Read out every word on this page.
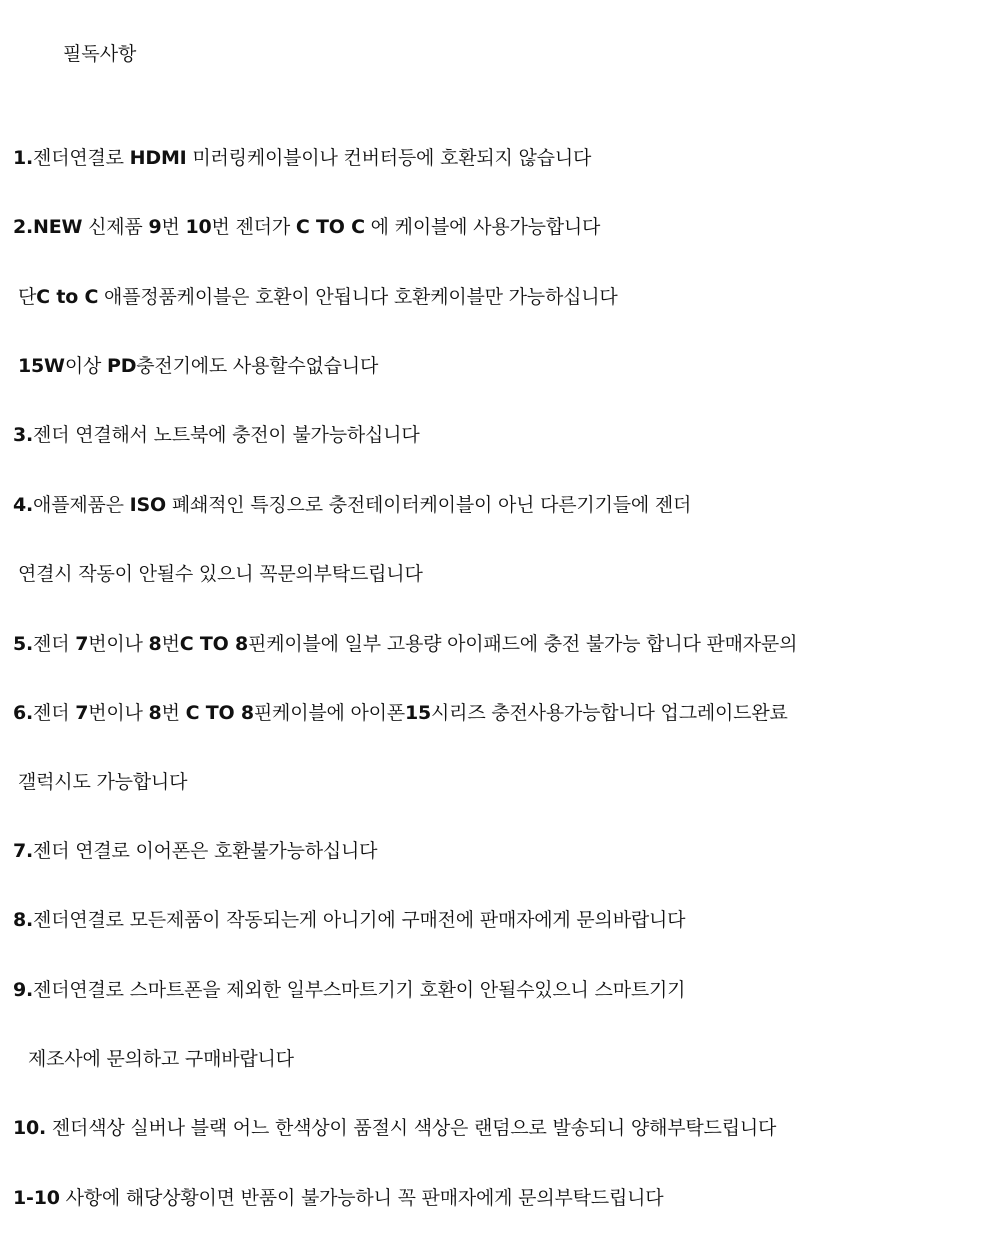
필독사항
1.젠더연결로 HDMI 미러링케이블이나 컨버터등에 호환되지 않습니다
2.NEW 신제품 9번 10번 젠더가 C TO C 에 케이블에 사용가능합니다
단C to C 애플정품케이블은 호환이 안됩니다 호환케이블만 가능하십니다
15W이상 PD충전기에도 사용할수없습니다
3.젠더 연결해서 노트북에 충전이 불가능하십니다
4.애플제품은 ISO 폐쇄적인 특징으로 충전테이터케이블이 아닌 다른기기들에 젠더
연결시 작동이 안될수 있으니 꼭문의부탁드립니다
5.젠더 7번이나 8번C TO 8핀케이블에 일부 고용량 아이패드에 충전 불가능 합니다 판매자문의
6.젠더 7번이나 8번 C TO 8핀케이블에 아이폰15시리즈 충전사용가능합니다 업그레이드완료
갤럭시도 가능합니다
7.젠더 연결로 이어폰은 호환불가능하십니다
8.젠더연결로 모든제품이 작동되는게 아니기에 구매전에 판매자에게 문의바랍니다
9.젠더연결로 스마트폰을 제외한 일부스마트기기 호환이 안될수있으니 스마트기기
제조사에 문의하고 구매바랍니다
10. 젠더색상 실버나 블랙 어느 한색상이 품절시 색상은 랜덤으로 발송되니 양해부탁드립니다
1-10 사항에 해당상황이면 반품이 불가능하니 꼭 판매자에게 문의부탁드립니다
